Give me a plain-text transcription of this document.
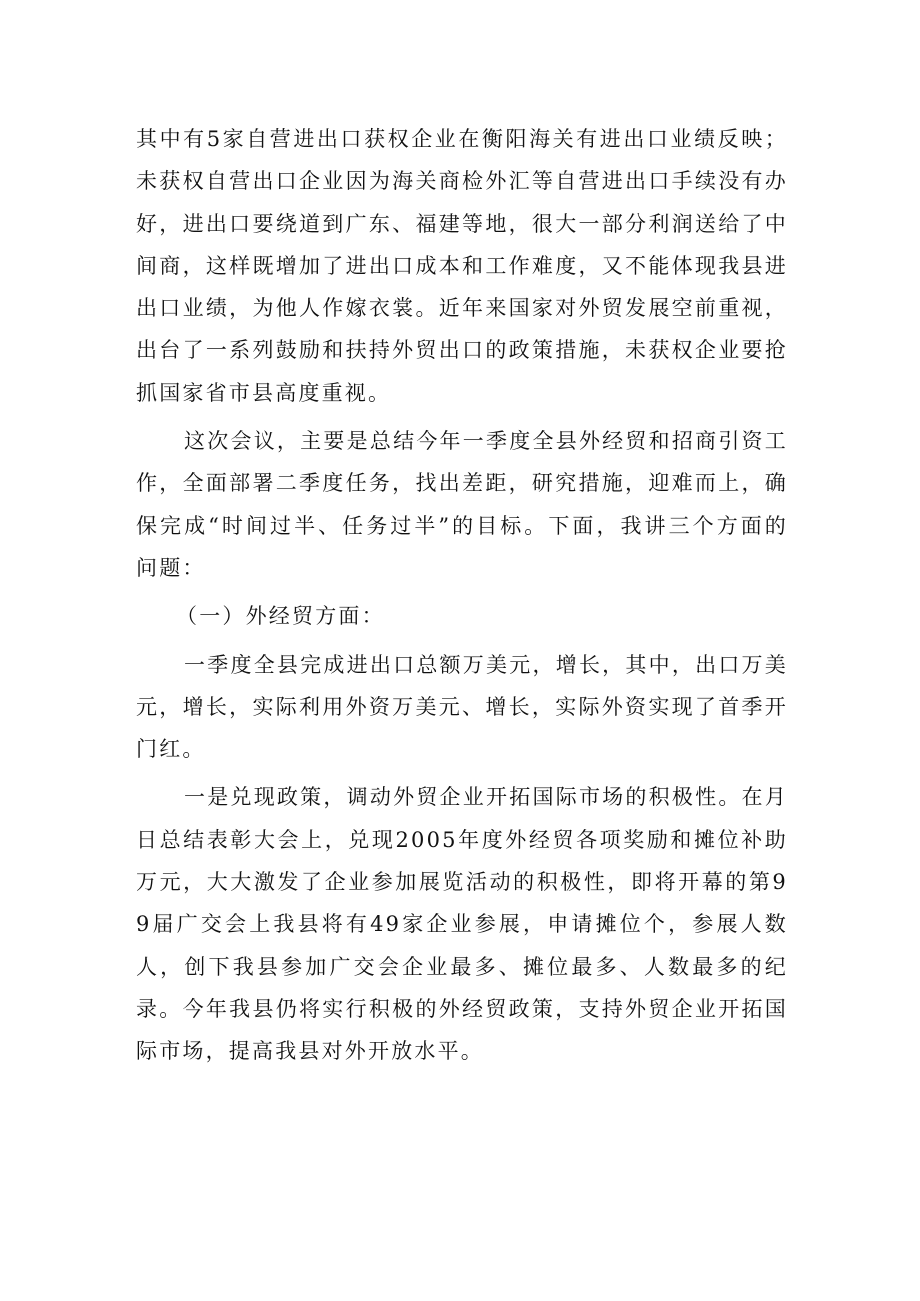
其中有5家自营进出口获权企业在衡阳海关有进出口业绩反映；未获权自营出口企业因为海关商检外汇等自营进出口手续没有办好，进出口要绕道到广东、福建等地，很大一部分利润送给了中间商，这样既增加了进出口成本和工作难度，又不能体现我县进出口业绩，为他人作嫁衣裳。近年来国家对外贸发展空前重视，出台了一系列鼓励和扶持外贸出口的政策措施，未获权企业要抢抓国家省市县高度重视。

这次会议，主要是总结今年一季度全县外经贸和招商引资工作，全面部署二季度任务，找出差距，研究措施，迎难而上，确保完成“时间过半、任务过半”的目标。下面，我讲三个方面的问题：

（一）外经贸方面：

一季度全县完成进出口总额万美元，增长，其中，出口万美元，增长，实际利用外资万美元、增长，实际外资实现了首季开门红。

一是兑现政策，调动外贸企业开拓国际市场的积极性。在月日总结表彰大会上，兑现2005年度外经贸各项奖励和摊位补助万元，大大激发了企业参加展览活动的积极性，即将开幕的第99届广交会上我县将有49家企业参展，申请摊位个，参展人数人，创下我县参加广交会企业最多、摊位最多、人数最多的纪录。今年我县仍将实行积极的外经贸政策，支持外贸企业开拓国际市场，提高我县对外开放水平。
